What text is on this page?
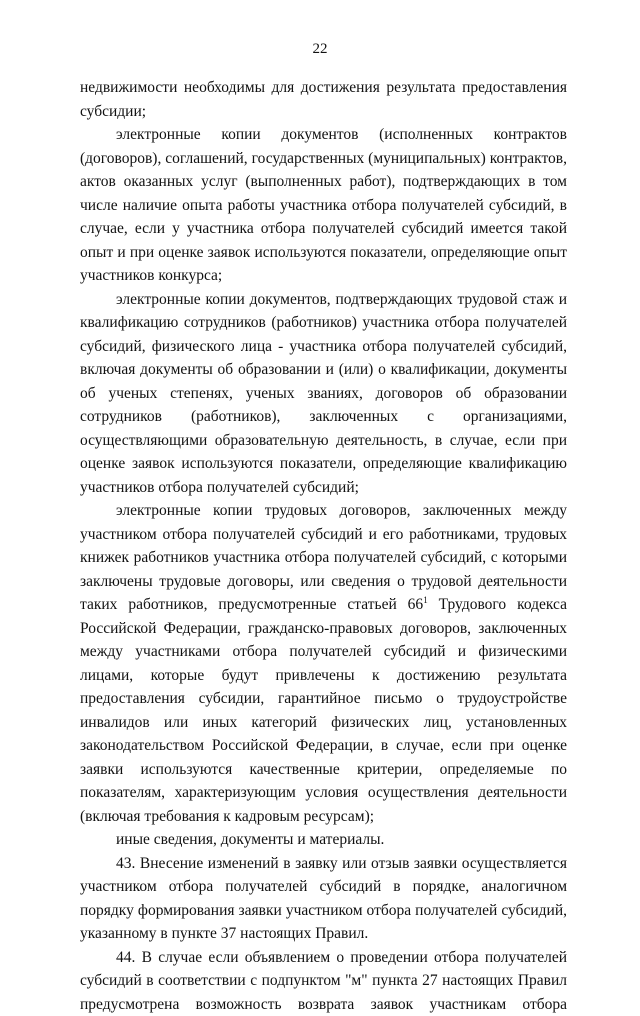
22

недвижимости необходимы для достижения результата предоставления субсидии;

электронные копии документов (исполненных контрактов (договоров), соглашений, государственных (муниципальных) контрактов, актов оказанных услуг (выполненных работ), подтверждающих в том числе наличие опыта работы участника отбора получателей субсидий, в случае, если у участника отбора получателей субсидий имеется такой опыт и при оценке заявок используются показатели, определяющие опыт участников конкурса;

электронные копии документов, подтверждающих трудовой стаж и квалификацию сотрудников (работников) участника отбора получателей субсидий, физического лица - участника отбора получателей субсидий, включая документы об образовании и (или) о квалификации, документы об ученых степенях, ученых званиях, договоров об образовании сотрудников (работников), заключенных с организациями, осуществляющими образовательную деятельность, в случае, если при оценке заявок используются показатели, определяющие квалификацию участников отбора получателей субсидий;

электронные копии трудовых договоров, заключенных между участником отбора получателей субсидий и его работниками, трудовых книжек работников участника отбора получателей субсидий, с которыми заключены трудовые договоры, или сведения о трудовой деятельности таких работников, предусмотренные статьей $66^1$ Трудового кодекса Российской Федерации, гражданско-правовых договоров, заключенных между участниками отбора получателей субсидий и физическими лицами, которые будут привлечены к достижению результата предоставления субсидии, гарантийное письмо о трудоустройстве инвалидов или иных категорий физических лиц, установленных законодательством Российской Федерации, в случае, если при оценке заявки используются качественные критерии, определяемые по показателям, характеризующим условия осуществления деятельности (включая требования к кадровым ресурсам);

иные сведения, документы и материалы.

43. Внесение изменений в заявку или отзыв заявки осуществляется участником отбора получателей субсидий в порядке, аналогичном порядку формирования заявки участником отбора получателей субсидий, указанному в пункте 37 настоящих Правил.

44. В случае если объявлением о проведении отбора получателей субсидий в соответствии с подпунктом "м" пункта 27 настоящих Правил предусмотрена возможность возврата заявок участникам отбора
